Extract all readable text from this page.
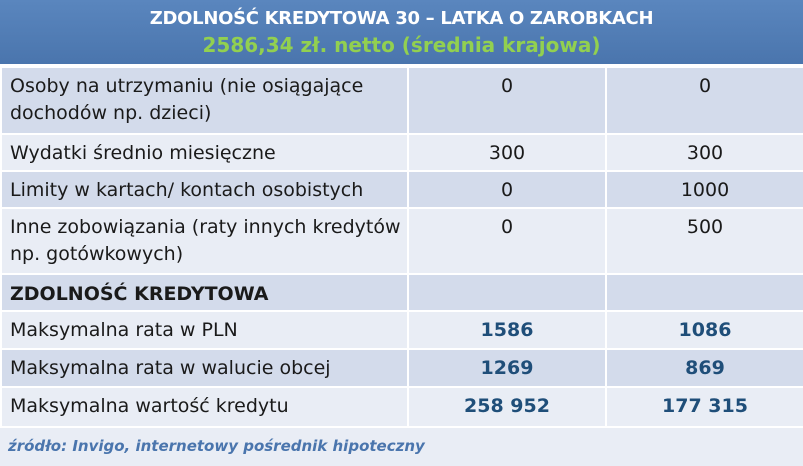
ZDOLNOŚĆ KREDYTOWA 30 – LATKA O ZAROBKACH
2586,34 zł. netto (średnia krajowa)
Osoby na utrzymaniu (nie osiągające dochodów np. dzieci)	0	0
Wydatki średnio miesięczne	300	300
Limity w kartach/ kontach osobistych	0	1000
Inne zobowiązania (raty innych kredytów np. gotówkowych)	0	500
ZDOLNOŚĆ KREDYTOWA		
Maksymalna rata w PLN	1586	1086
Maksymalna rata w walucie obcej	1269	869
Maksymalna wartość kredytu	258 952	177 315
źródło: Invigo, internetowy pośrednik hipoteczny
